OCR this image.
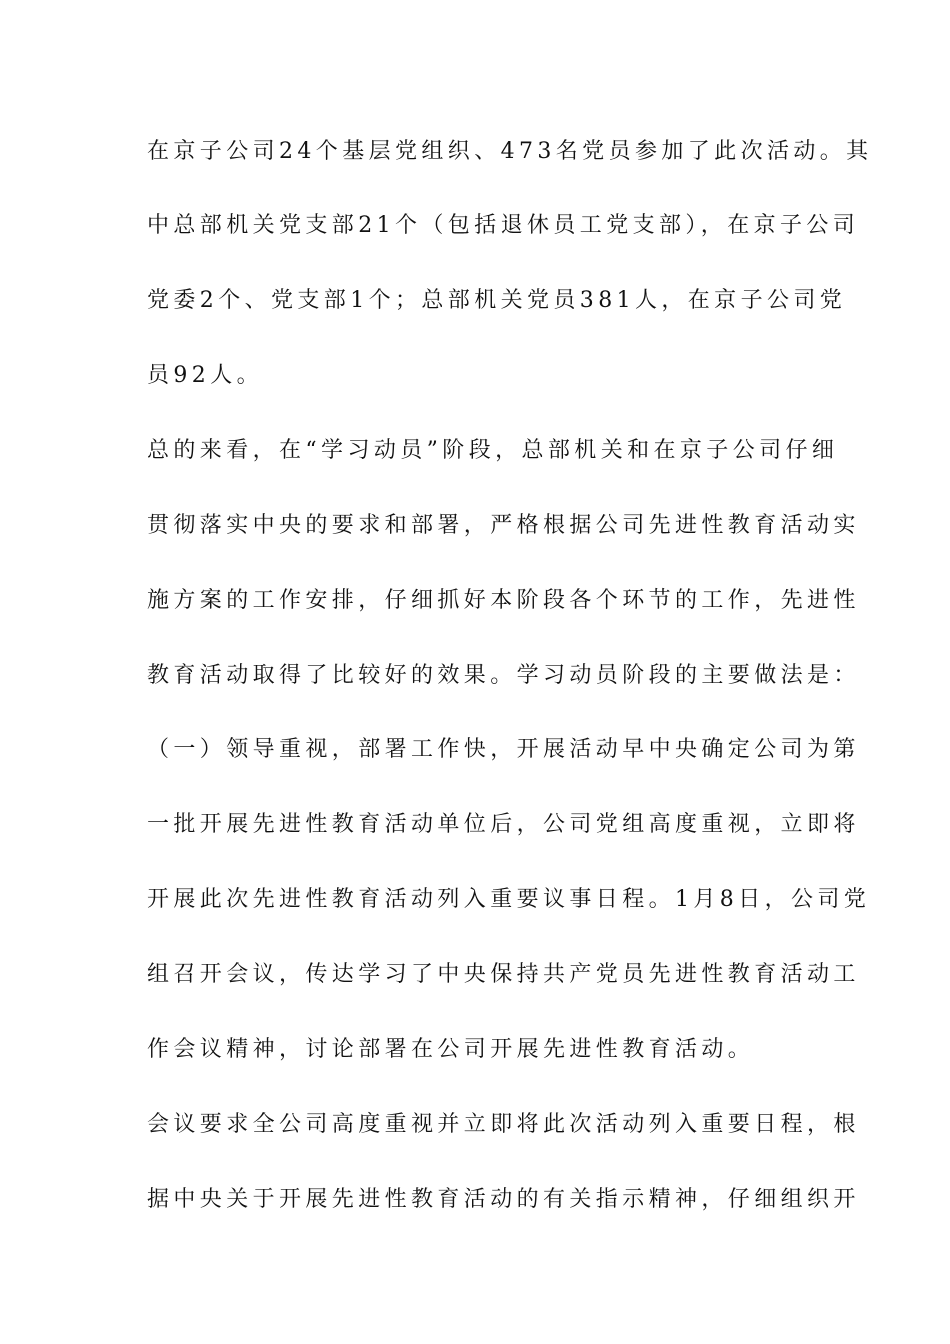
在京子公司24个基层党组织、473名党员参加了此次活动。其
中总部机关党支部21个（包括退休员工党支部），在京子公司
党委2个、党支部1个；总部机关党员381人，在京子公司党
员92人。
总的来看，在“学习动员”阶段，总部机关和在京子公司仔细
贯彻落实中央的要求和部署，严格根据公司先进性教育活动实
施方案的工作安排，仔细抓好本阶段各个环节的工作，先进性
教育活动取得了比较好的效果。学习动员阶段的主要做法是：
（一）领导重视，部署工作快，开展活动早中央确定公司为第
一批开展先进性教育活动单位后，公司党组高度重视，立即将
开展此次先进性教育活动列入重要议事日程。1月8日，公司党
组召开会议，传达学习了中央保持共产党员先进性教育活动工
作会议精神，讨论部署在公司开展先进性教育活动。
会议要求全公司高度重视并立即将此次活动列入重要日程，根
据中央关于开展先进性教育活动的有关指示精神，仔细组织开
